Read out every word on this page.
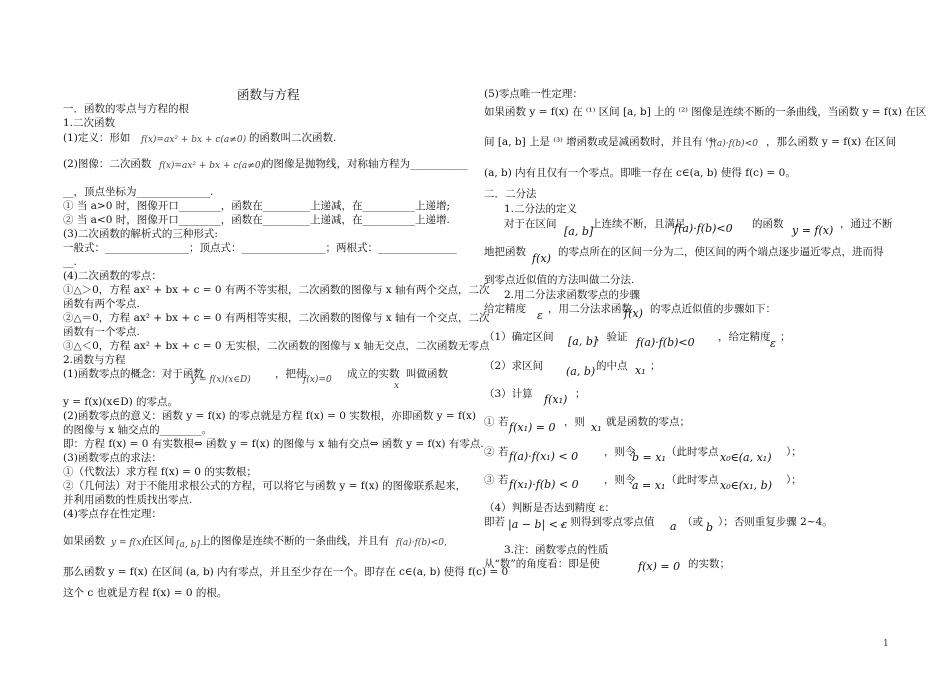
函数与方程
一．函数的零点与方程的根
1.二次函数
(1)定义：形如 f(x)=ax² + bx + c(a≠0) 的函数叫二次函数.
(2)图像：二次函数 f(x)=ax² + bx + c(a≠0)
的图像是抛物线，对称轴方程为___________
__，顶点坐标为______________.
① 当 a>0 时，图像开口________，函数在_________上递减，在__________上递增;
② 当 a<0 时，图像开口________，函数在_________上递减，在__________上递增.
(3)二次函数的解析式的三种形式:
一般式：________________；顶点式：________________；两根式：_______________
__.
(4)二次函数的零点：
①△＞0，方程 ax² + bx + c = 0 有两不等实根，二次函数的图像与 x 轴有两个交点，二次
函数有两个零点.
②△＝0，方程 ax² + bx + c = 0 有两相等实根，二次函数的图像与 x 轴有一个交点，二次
函数有一个零点.
③△＜0，方程 ax² + bx + c = 0 无实根，二次函数的图像与 x 轴无交点，二次函数无零点
2.函数与方程
(1)函数零点的概念：对于函数
y = f(x)(x∈D) ，把使
f(x)=0 成立的实数
x
叫做函数
y = f(x)(x∈D) 的零点。
(2)函数零点的意义：函数 y = f(x) 的零点就是方程 f(x) = 0 实数根，亦即函数 y = f(x)
的图像与 x 轴交点的________。
即：方程 f(x) = 0 有实数根⇔ 函数 y = f(x) 的图像与 x 轴有交点⇔ 函数 y = f(x) 有零点.
(3)函数零点的求法：
①（代数法）求方程 f(x) = 0 的实数根；
②（几何法）对于不能用求根公式的方程，可以将它与函数 y = f(x) 的图像联系起来，
并利用函数的性质找出零点.
(4)零点存在性定理：
如果函数 y = f(x)
在区间 [a, b] 上的图像是连续不断的一条曲线，并且有 f(a)·f(b)<0，
那么函数 y = f(x) 在区间 (a, b) 内有零点，并且至少存在一个。即存在 c∈(a, b) 使得 f(c) = 0
这个 c 也就是方程 f(x) = 0 的根。
(5)零点唯一性定理：
如果函数 y = f(x) 在 ⁽¹⁾ 区间 [a, b] 上的 ⁽²⁾ 图像是连续不断的一条曲线，当函数 y = f(x) 在区
间 [a, b] 上是 ⁽³⁾ 增函数或是减函数时，并且有 ⁽⁴⁾
f(a)·f(b)<0 ，那么函数 y = f(x) 在区间
(a, b) 内有且仅有一个零点。即唯一存在 c∈(a, b) 使得 f(c) = 0。
二．二分法
1.二分法的定义
对于在区间
[a, b]
上连续不断，且满足
f(a)·f(b)<0 的函数 y = f(x) ，通过不断
地把函数 f(x) 的零点所在的区间一分为二，使区间的两个端点逐步逼近零点，进而得
到零点近似值的方法叫做二分法.
2.用二分法求函数零点的步骤
给定精度 ε ，用二分法求函数
f(x) 的零点近似值的步骤如下：
（1）确定区间 [a, b]
，验证 f(a)·f(b)<0 ，给定精度 ε ；
（2）求区间 (a, b) 的中点 x₁ ；
（3）计算 f(x₁) ；
① 若 f(x₁) = 0 ，则 x₁ 就是函数的零点；
② 若 f(a)·f(x₁) < 0 ，则令
b = x₁ （此时零点 x₀∈(a, x₁) ）；
③ 若 f(x₁)·f(b) < 0 ，则令
a = x₁ （此时零点 x₀∈(x₁, b) ）；
（4）判断是否达到精度 ε：
即若 |a − b| < ε
，则得到零点零点值 a （或 b ）；否则重复步骤 2~4。
3.注：函数零点的性质
从“数”的角度看：即是使	f(x) = 0 的实数；
1
